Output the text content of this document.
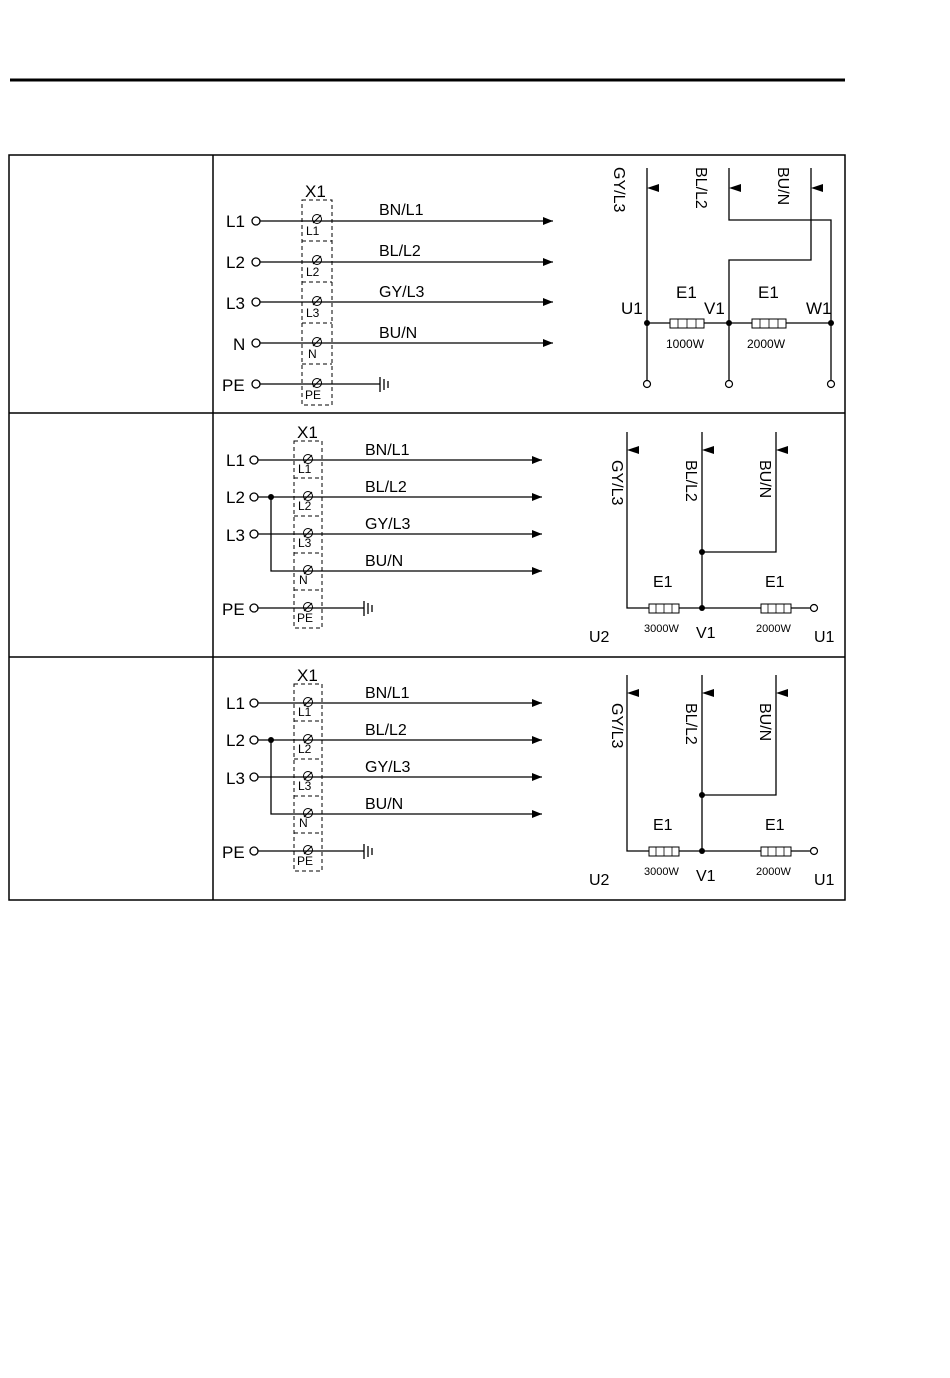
X1
L1
L2
L3
N
PE
L1
L2
L3
N
PE
BN/L1
BL/L2
GY/L3
BU/N
GY/L3	BL/L2	BU/N
U1	V1	W1
E1	E1
1000W	2000W
X1
L1
L2
L3
PE
L1
L2
L3
N
PE
BN/L1
BL/L2
GY/L3
BU/N
GY/L3	BL/L2	BU/N
U2	V1	U1
E1	E1
3000W	2000W
X1
L1
L2
L3
PE
L1
L2
L3
N
PE
BN/L1
BL/L2
GY/L3
BU/N
GY/L3	BL/L2	BU/N
U2	V1	U1
E1	E1
3000W	2000W
